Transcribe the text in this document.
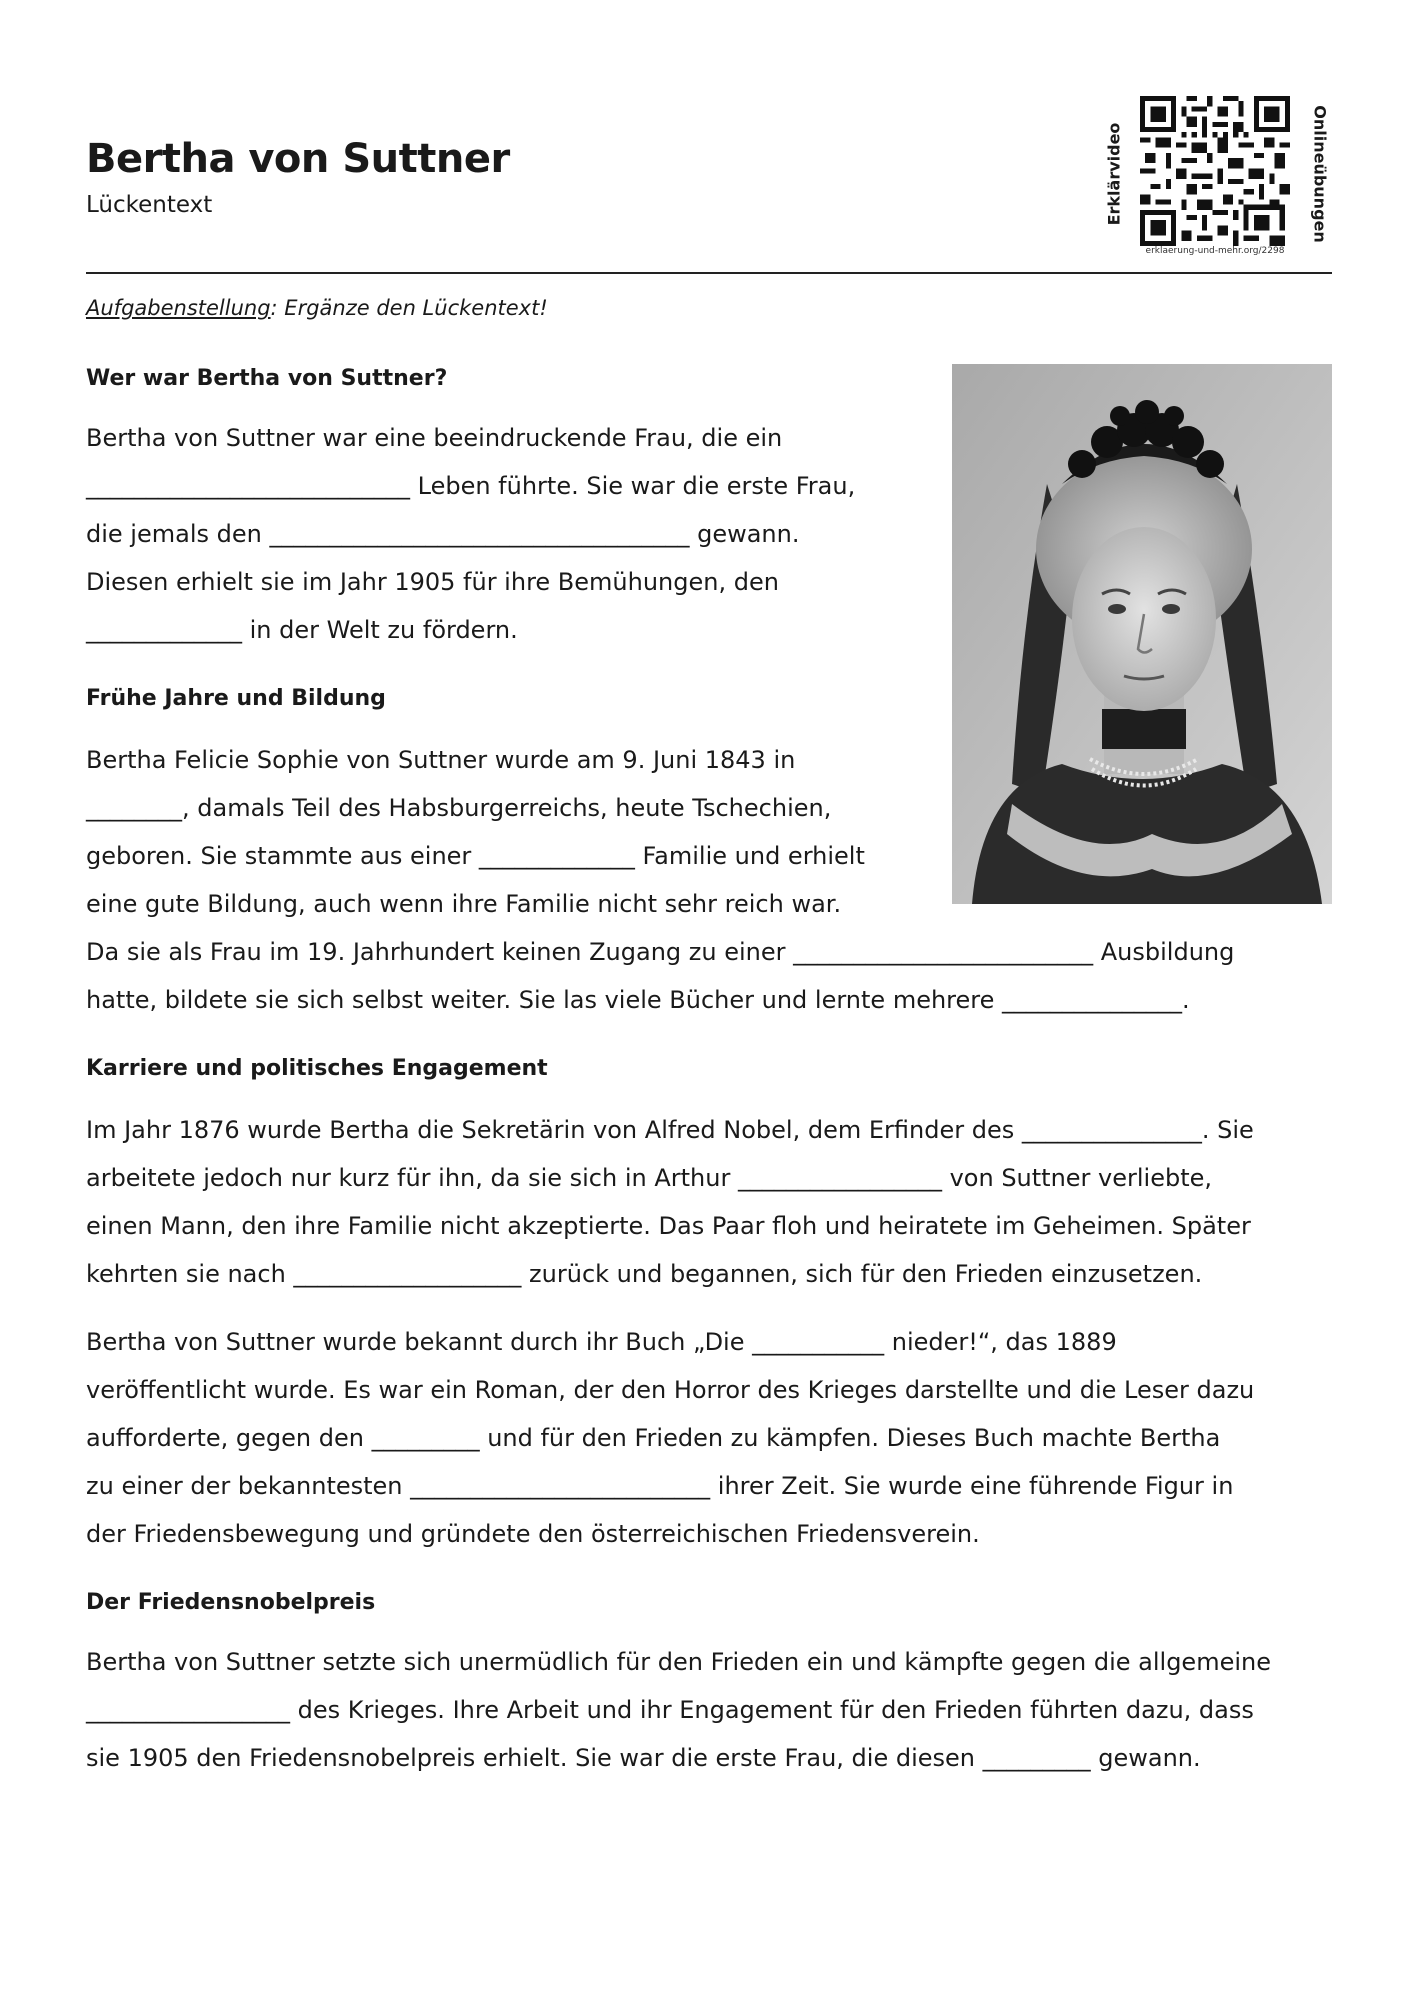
Bertha von Suttner
Lückentext	Erklärvideo
erklaerung-und-mehr.org/2298
Onlineübungen
Aufgabenstellung: Ergänze den Lückentext!
Wer war Bertha von Suttner?
Bertha von Suttner war eine beeindruckende Frau, die ein
___________________________ Leben führte. Sie war die erste Frau,
die jemals den ___________________________________ gewann.
Diesen erhielt sie im Jahr 1905 für ihre Bemühungen, den
_____________ in der Welt zu fördern.
Frühe Jahre und Bildung
Bertha Felicie Sophie von Suttner wurde am 9. Juni 1843 in
________, damals Teil des Habsburgerreichs, heute Tschechien,
geboren. Sie stammte aus einer _____________ Familie und erhielt
eine gute Bildung, auch wenn ihre Familie nicht sehr reich war.
Da sie als Frau im 19. Jahrhundert keinen Zugang zu einer _________________________ Ausbildung
hatte, bildete sie sich selbst weiter. Sie las viele Bücher und lernte mehrere _______________.
Karriere und politisches Engagement
Im Jahr 1876 wurde Bertha die Sekretärin von Alfred Nobel, dem Erfinder des _______________. Sie
arbeitete jedoch nur kurz für ihn, da sie sich in Arthur _________________ von Suttner verliebte,
einen Mann, den ihre Familie nicht akzeptierte. Das Paar floh und heiratete im Geheimen. Später
kehrten sie nach ___________________ zurück und begannen, sich für den Frieden einzusetzen.
Bertha von Suttner wurde bekannt durch ihr Buch „Die ___________ nieder!“, das 1889
veröffentlicht wurde. Es war ein Roman, der den Horror des Krieges darstellte und die Leser dazu
aufforderte, gegen den _________ und für den Frieden zu kämpfen. Dieses Buch machte Bertha
zu einer der bekanntesten _________________________ ihrer Zeit. Sie wurde eine führende Figur in
der Friedensbewegung und gründete den österreichischen Friedensverein.
Der Friedensnobelpreis
Bertha von Suttner setzte sich unermüdlich für den Frieden ein und kämpfte gegen die allgemeine
_________________ des Krieges. Ihre Arbeit und ihr Engagement für den Frieden führten dazu, dass
sie 1905 den Friedensnobelpreis erhielt. Sie war die erste Frau, die diesen _________ gewann.
